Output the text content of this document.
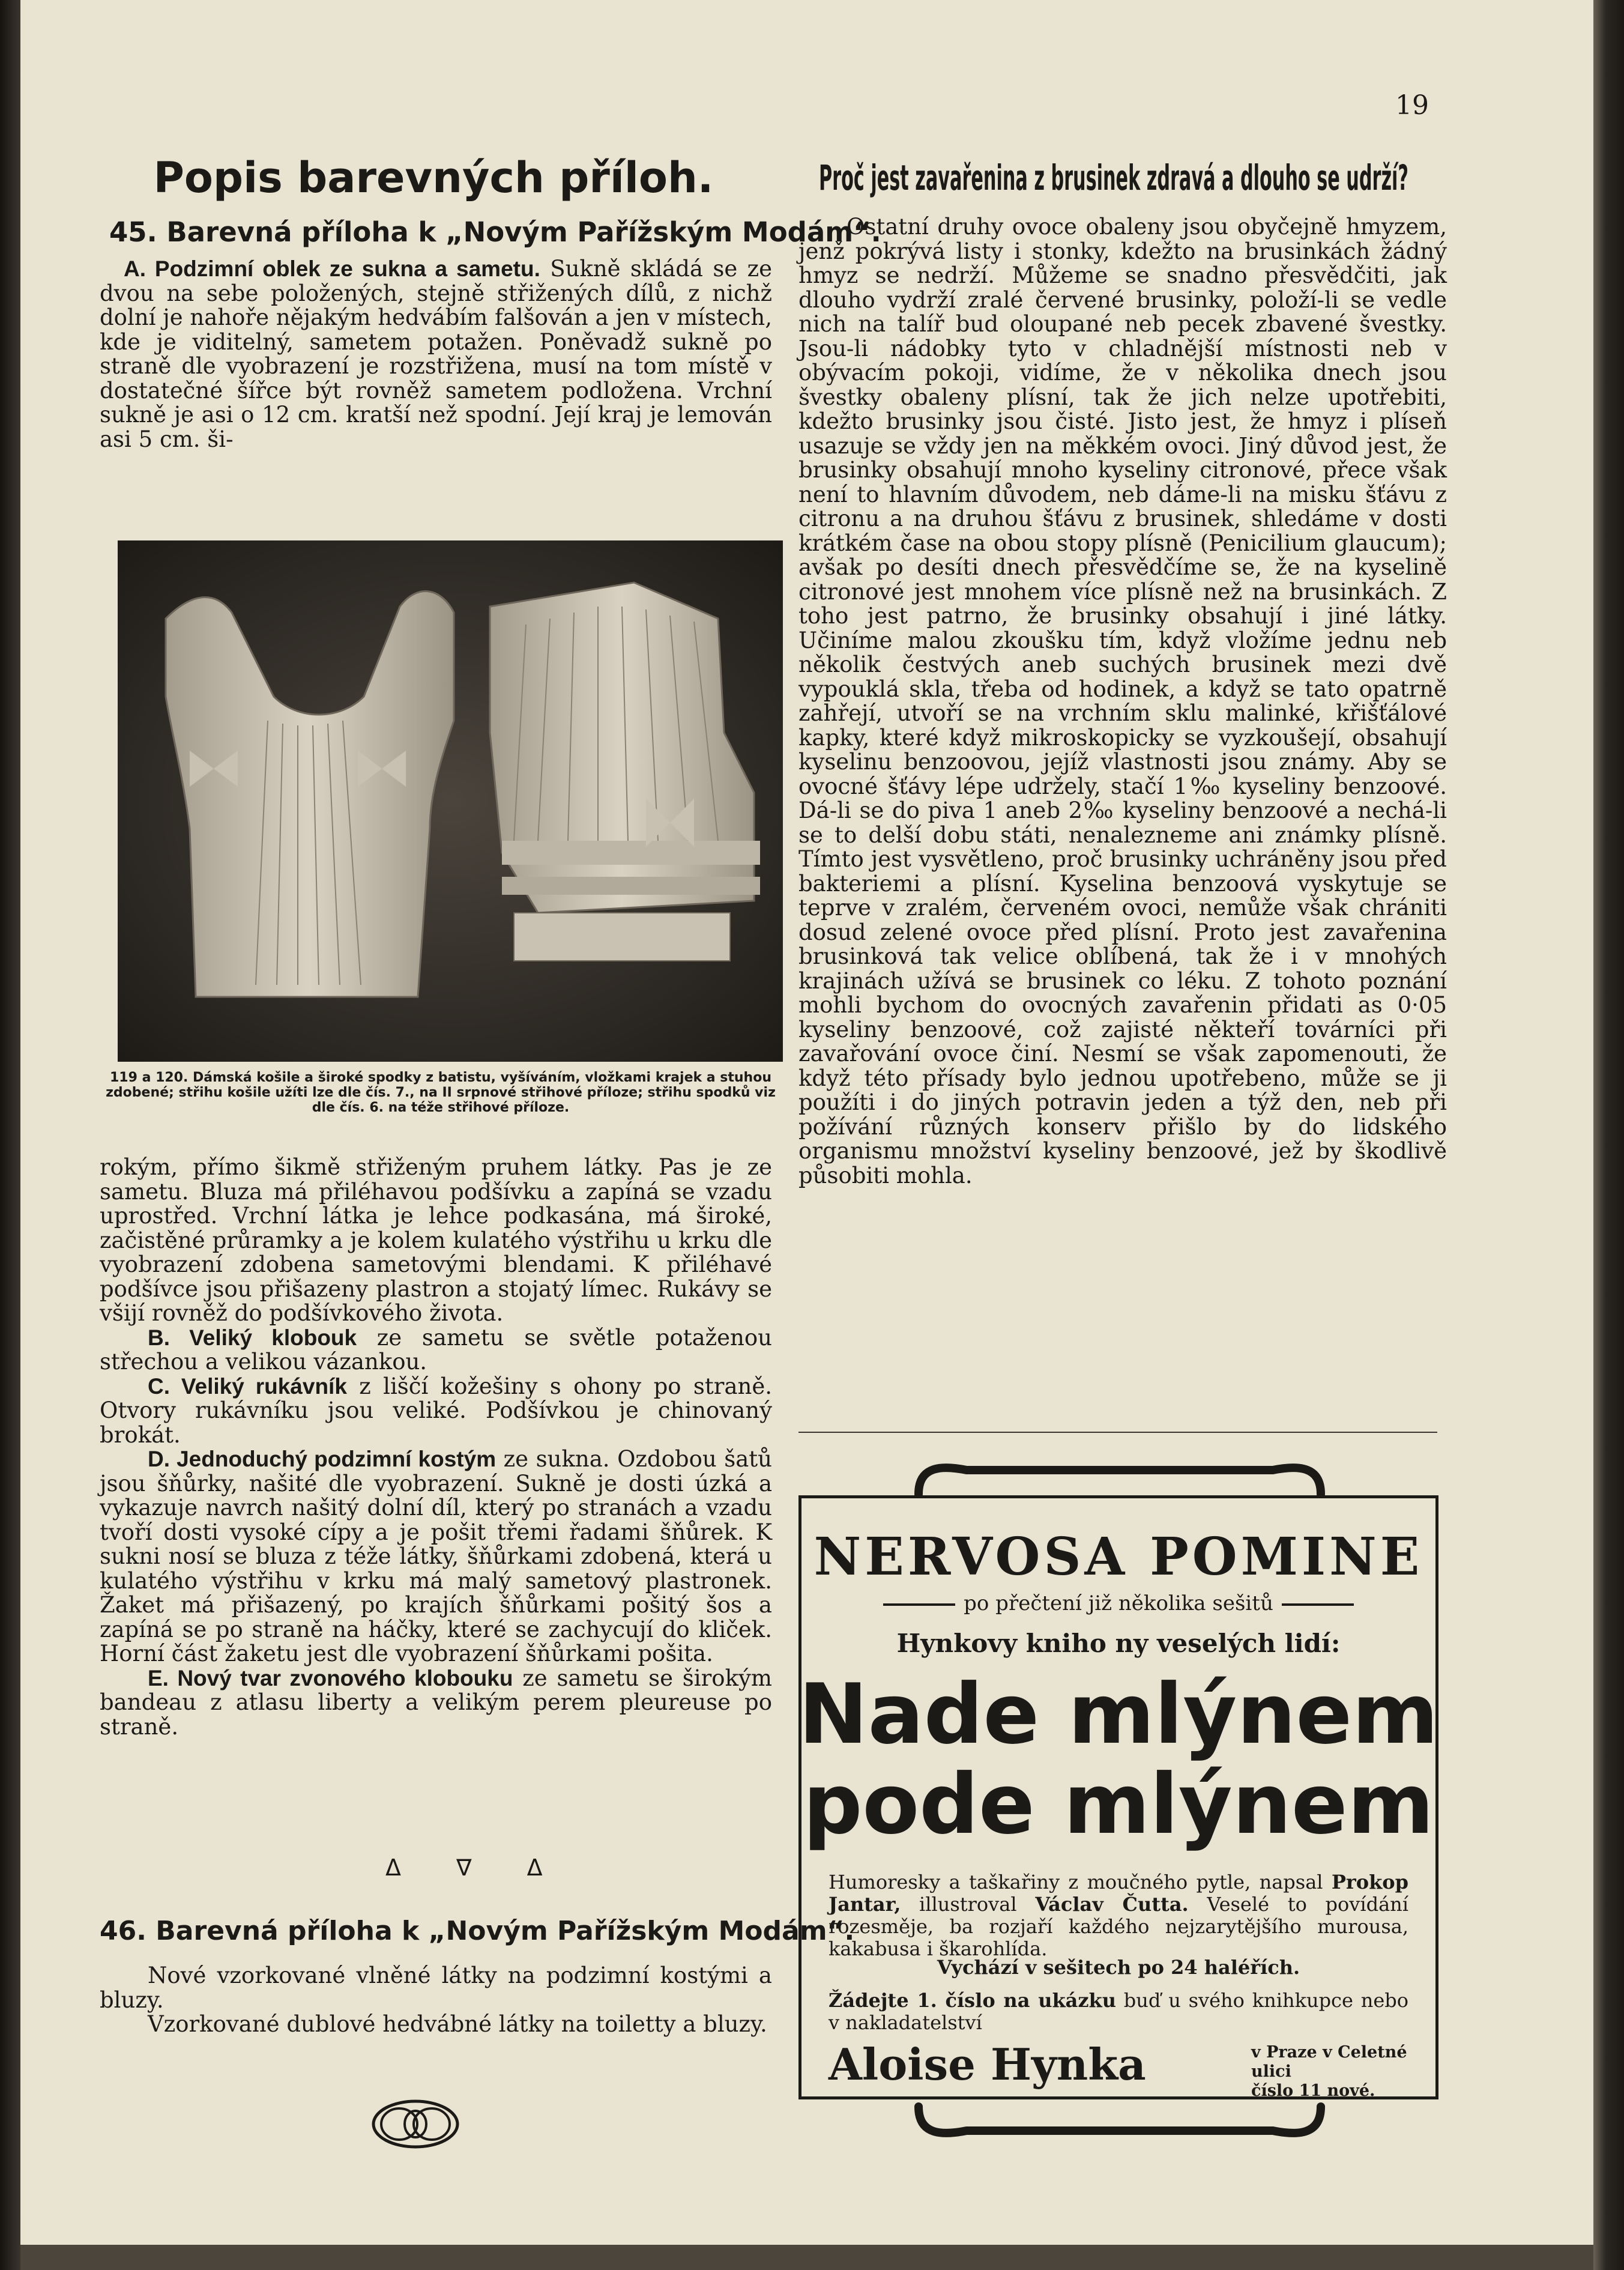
19
Popis barevných příloh.
45. Barevná příloha k „Novým Pařížským Modám“.

A. Podzimní oblek ze sukna a sametu. Sukně skládá se ze dvou na sebe položených, stejně střižených dílů, z nichž dolní je nahoře nějakým hedvábím falšován a jen v místech, kde je viditelný, sametem potažen. Poněvadž sukně po straně dle vyobrazení je rozstřižena, musí na tom místě v dostatečné šířce být rovněž sametem podložena. Vrchní sukně je asi o 12 cm. kratší než spodní. Její kraj je lemován asi 5 cm. ši-

119 a 120. Dámská košile a široké spodky z batistu, vyšíváním, vložkami krajek a stuhou zdobené; střihu košile užíti lze dle čís. 7., na II srpnové střihové příloze; střihu spodků viz dle čís. 6. na téže střihové příloze.

rokým, přímo šikmě střiženým pruhem látky. Pas je ze sametu. Bluza má přiléhavou podšívku a zapíná se vzadu uprostřed. Vrchní látka je lehce podkasána, má široké, začistěné průramky a je kolem kulatého výstřihu u krku dle vyobrazení zdobena sametovými blendami. K přiléhavé podšívce jsou přišazeny plastron a stojatý límec. Rukávy se všijí rovněž do podšívkového života.

B. Veliký klobouk ze sametu se světle potaženou střechou a velikou vázankou.

C. Veliký rukávník z liščí kožešiny s ohony po straně. Otvory rukávníku jsou veliké. Podšívkou je chinovaný brokát.

D. Jednoduchý podzimní kostým ze sukna. Ozdobou šatů jsou šňůrky, našité dle vyobrazení. Sukně je dosti úzká a vykazuje navrch našitý dolní díl, který po stranách a vzadu tvoří dosti vysoké cípy a je pošit třemi řadami šňůrek. K sukni nosí se bluza z téže látky, šňůrkami zdobená, která u kulatého výstřihu v krku má malý sametový plastronek. Žaket má přišazený, po krajích šňůrkami pošitý šos a zapíná se po straně na háčky, které se zachycují do kliček. Horní část žaketu jest dle vyobrazení šňůrkami pošita.

E. Nový tvar zvonového klobouku ze sametu se širokým bandeau z atlasu liberty a velikým perem pleureuse po straně.

Δ ∇ Δ
46. Barevná příloha k „Novým Pařížským Modám“.

Nové vzorkované vlněné látky na podzimní kostými a bluzy.

Vzorkované dublové hedvábné látky na toiletty a bluzy.

Proč jest zavařenina z brusinek zdravá a dlouho se udrží?

Ostatní druhy ovoce obaleny jsou obyčejně hmyzem, jenž pokrývá listy i stonky, kdežto na brusinkách žádný hmyz se nedrží. Můžeme se snadno přesvědčiti, jak dlouho vydrží zralé červené brusinky, položí-li se vedle nich na talíř bud oloupané neb pecek zbavené švestky. Jsou-li nádobky tyto v chladnější místnosti neb v obývacím pokoji, vidíme, že v několika dnech jsou švestky obaleny plísní, tak že jich nelze upotřebiti, kdežto brusinky jsou čisté. Jisto jest, že hmyz i plíseň usazuje se vždy jen na měkkém ovoci. Jiný důvod jest, že brusinky obsahují mnoho kyseliny citronové, přece však není to hlavním důvodem, neb dáme-li na misku šťávu z citronu a na druhou šťávu z brusinek, shledáme v dosti krátkém čase na obou stopy plísně (Penicilium glaucum); avšak po desíti dnech přesvědčíme se, že na kyselině citronové jest mnohem více plísně než na brusinkách. Z toho jest patrno, že brusinky obsahují i jiné látky. Učiníme malou zkoušku tím, když vložíme jednu neb několik čestvých aneb suchých brusinek mezi dvě vypouklá skla, třeba od hodinek, a když se tato opatrně zahřejí, utvoří se na vrchním sklu malinké, křišťálové kapky, které když mikroskopicky se vyzkoušejí, obsahují kyselinu benzoovou, jejíž vlastnosti jsou známy. Aby se ovocné šťávy lépe udržely, stačí 1‰ kyseliny benzoové. Dá-li se do piva 1 aneb 2‰ kyseliny benzoové a nechá-li se to delší dobu státi, nenalezneme ani známky plísně. Tímto jest vysvětleno, proč brusinky uchráněny jsou před bakteriemi a plísní. Kyselina benzoová vyskytuje se teprve v zralém, červeném ovoci, nemůže však chrániti dosud zelené ovoce před plísní. Proto jest zavařenina brusinková tak velice oblíbená, tak že i v mnohých krajinách užívá se brusinek co léku. Z tohoto poznání mohli bychom do ovocných zavařenin přidati as 0·05 kyseliny benzoové, což zajisté někteří továrníci při zavařování ovoce činí. Nesmí se však zapomenouti, že když této přísady bylo jednou upotřebeno, může se ji použíti i do jiných potravin jeden a týž den, neb při požívání různých konserv přišlo by do lidského organismu množství kyseliny benzoové, jež by škodlivě působiti mohla.

NERVOSA POMINE
po přečtení již několika sešitů
Hynkovy kniho ny veselých lidí:
Nade mlýnem
pode mlýnem
Humoresky a taškařiny z moučného pytle, napsal Prokop Jantar, illustroval Václav Čutta. Veselé to povídání rozesměje, ba rozjaří každého nejzarytějšího murousa, kakabusa i škarohlída.
Vychází v sešitech po 24 haléřích.
Žádejte 1. číslo na ukázku buď u svého knihkupce nebo v nakladatelství
Aloise Hynka	v Praze v Celetné ulici
číslo 11 nové.
